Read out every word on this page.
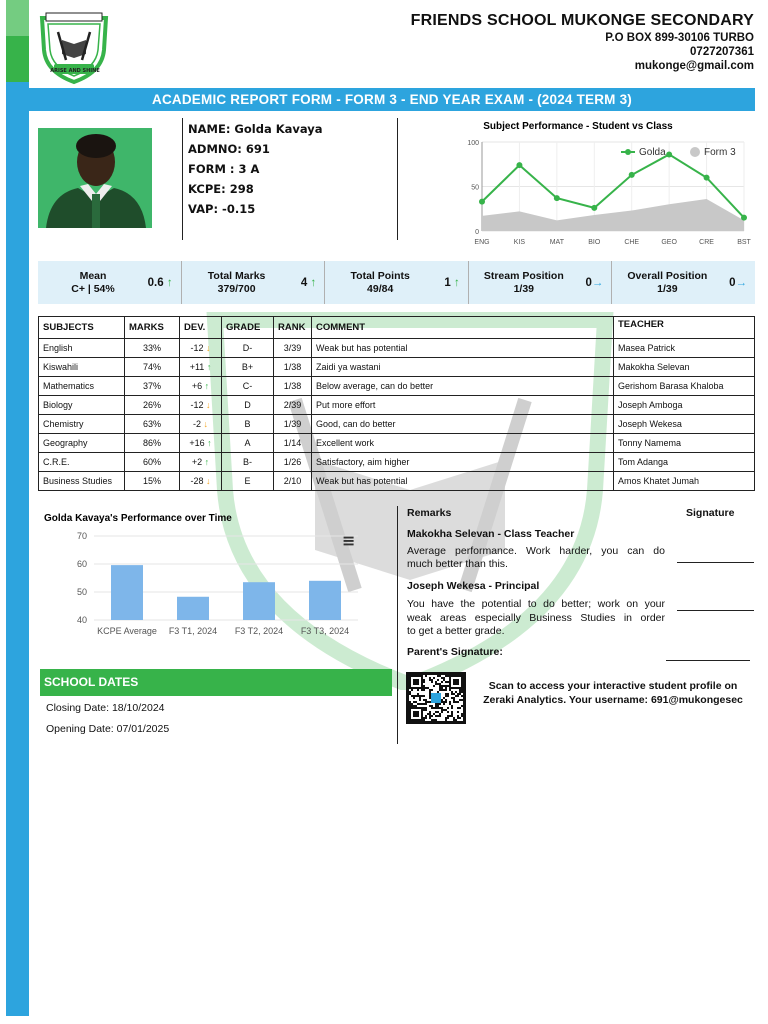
ARISE AND SHINE
FRIENDS SCHOOL MUKONGE SECONDARY
P.O BOX 899-30106 TURBO
0727207361
mukonge@gmail.com
ACADEMIC REPORT FORM - FORM 3 - END YEAR EXAM - (2024 TERM 3)
NAME: Golda Kavaya
ADMNO: 691
FORM : 3 A
KCPE: 298
VAP: -0.15
Subject Performance - Student vs Class
0
50
100
ENG	KIS	MAT	BIO	CHE	GEO	CRE	BST
Golda	Form 3
Mean
C+ | 54%	0.6 ↑
Total Marks
379/700	4 ↑
Total Points
49/84	1 ↑
Stream Position
1/39	0→
Overall Position
1/39	0→
SUBJECTS	MARKS	DEV.	GRADE	RANK	COMMENT	TEACHER
English	33%	-12 ↓	D-	3/39	Weak but has potential	Masea Patrick
Kiswahili	74%	+11 ↑	B+	1/38	Zaidi ya wastani	Makokha Selevan
Mathematics	37%	+6 ↑	C-	1/38	Below average, can do better	Gerishom Barasa Khaloba
Biology	26%	-12 ↓	D	2/39	Put more effort	Joseph Amboga
Chemistry	63%	-2 ↓	B	1/39	Good, can do better	Joseph Wekesa
Geography	86%	+16 ↑	A	1/14	Excellent work	Tonny Namema
C.R.E.	60%	+2 ↑	B-	1/26	Satisfactory, aim higher	Tom Adanga
Business Studies	15%	-28 ↓	E	2/10	Weak but has potential	Amos Khatet Jumah
Golda Kavaya's Performance over Time
40
50
60
70
KCPE Average F3 T1, 2024 F3 T2, 2024 F3 T3, 2024
≡
Remarks	Signature
Makokha Selevan - Class Teacher
Average performance. Work harder, you can do
much better than this.
Joseph Wekesa - Principal
You have the potential to do better; work on your
weak areas especially Business Studies in order
to get a better grade.
Parent's Signature:
SCHOOL DATES
Closing Date: 18/10/2024
Opening Date: 07/01/2025
Scan to access your interactive student profile on Zeraki Analytics. Your username: 691@mukongesec
